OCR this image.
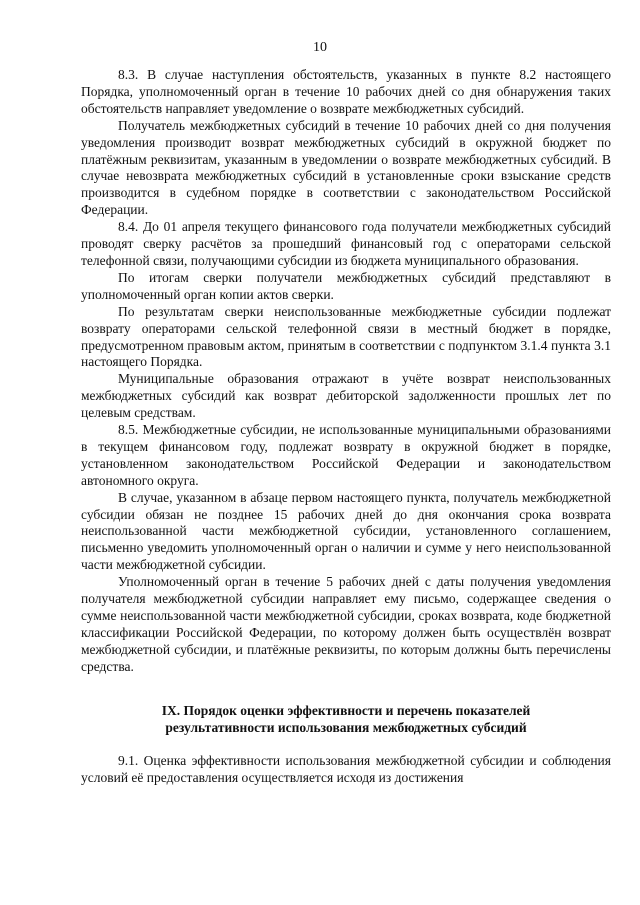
10

8.3. В случае наступления обстоятельств, указанных в пункте 8.2 настоящего Порядка, уполномоченный орган в течение 10 рабочих дней со дня обнаружения таких обстоятельств направляет уведомление о возврате межбюджетных субсидий.

Получатель межбюджетных субсидий в течение 10 рабочих дней со дня получения уведомления производит возврат межбюджетных субсидий в окружной бюджет по платёжным реквизитам, указанным в уведомлении о возврате межбюджетных субсидий. В случае невозврата межбюджетных субсидий в установленные сроки взыскание средств производится в судебном порядке в соответствии с законодательством Российской Федерации.

8.4. До 01 апреля текущего финансового года получатели межбюджетных субсидий проводят сверку расчётов за прошедший финансовый год с операторами сельской телефонной связи, получающими субсидии из бюджета муниципального образования.

По итогам сверки получатели межбюджетных субсидий представляют в уполномоченный орган копии актов сверки.

По результатам сверки неиспользованные межбюджетные субсидии подлежат возврату операторами сельской телефонной связи в местный бюджет в порядке, предусмотренном правовым актом, принятым в соответствии с подпунктом 3.1.4 пункта 3.1 настоящего Порядка.

Муниципальные образования отражают в учёте возврат неиспользованных межбюджетных субсидий как возврат дебиторской задолженности прошлых лет по целевым средствам.

8.5. Межбюджетные субсидии, не использованные муниципальными образованиями в текущем финансовом году, подлежат возврату в окружной бюджет в порядке, установленном законодательством Российской Федерации и законодательством автономного округа.

В случае, указанном в абзаце первом настоящего пункта, получатель межбюджетной субсидии обязан не позднее 15 рабочих дней до дня окончания срока возврата неиспользованной части межбюджетной субсидии, установленного соглашением, письменно уведомить уполномоченный орган о наличии и сумме у него неиспользованной части межбюджетной субсидии.

Уполномоченный орган в течение 5 рабочих дней с даты получения уведомления получателя межбюджетной субсидии направляет ему письмо, содержащее сведения о сумме неиспользованной части межбюджетной субсидии, сроках возврата, коде бюджетной классификации Российской Федерации, по которому должен быть осуществлён возврат межбюджетной субсидии, и платёжные реквизиты, по которым должны быть перечислены средства.

IX. Порядок оценки эффективности и перечень показателей
результативности использования межбюджетных субсидий

9.1. Оценка эффективности использования межбюджетной субсидии и соблюдения условий её предоставления осуществляется исходя из достижения
